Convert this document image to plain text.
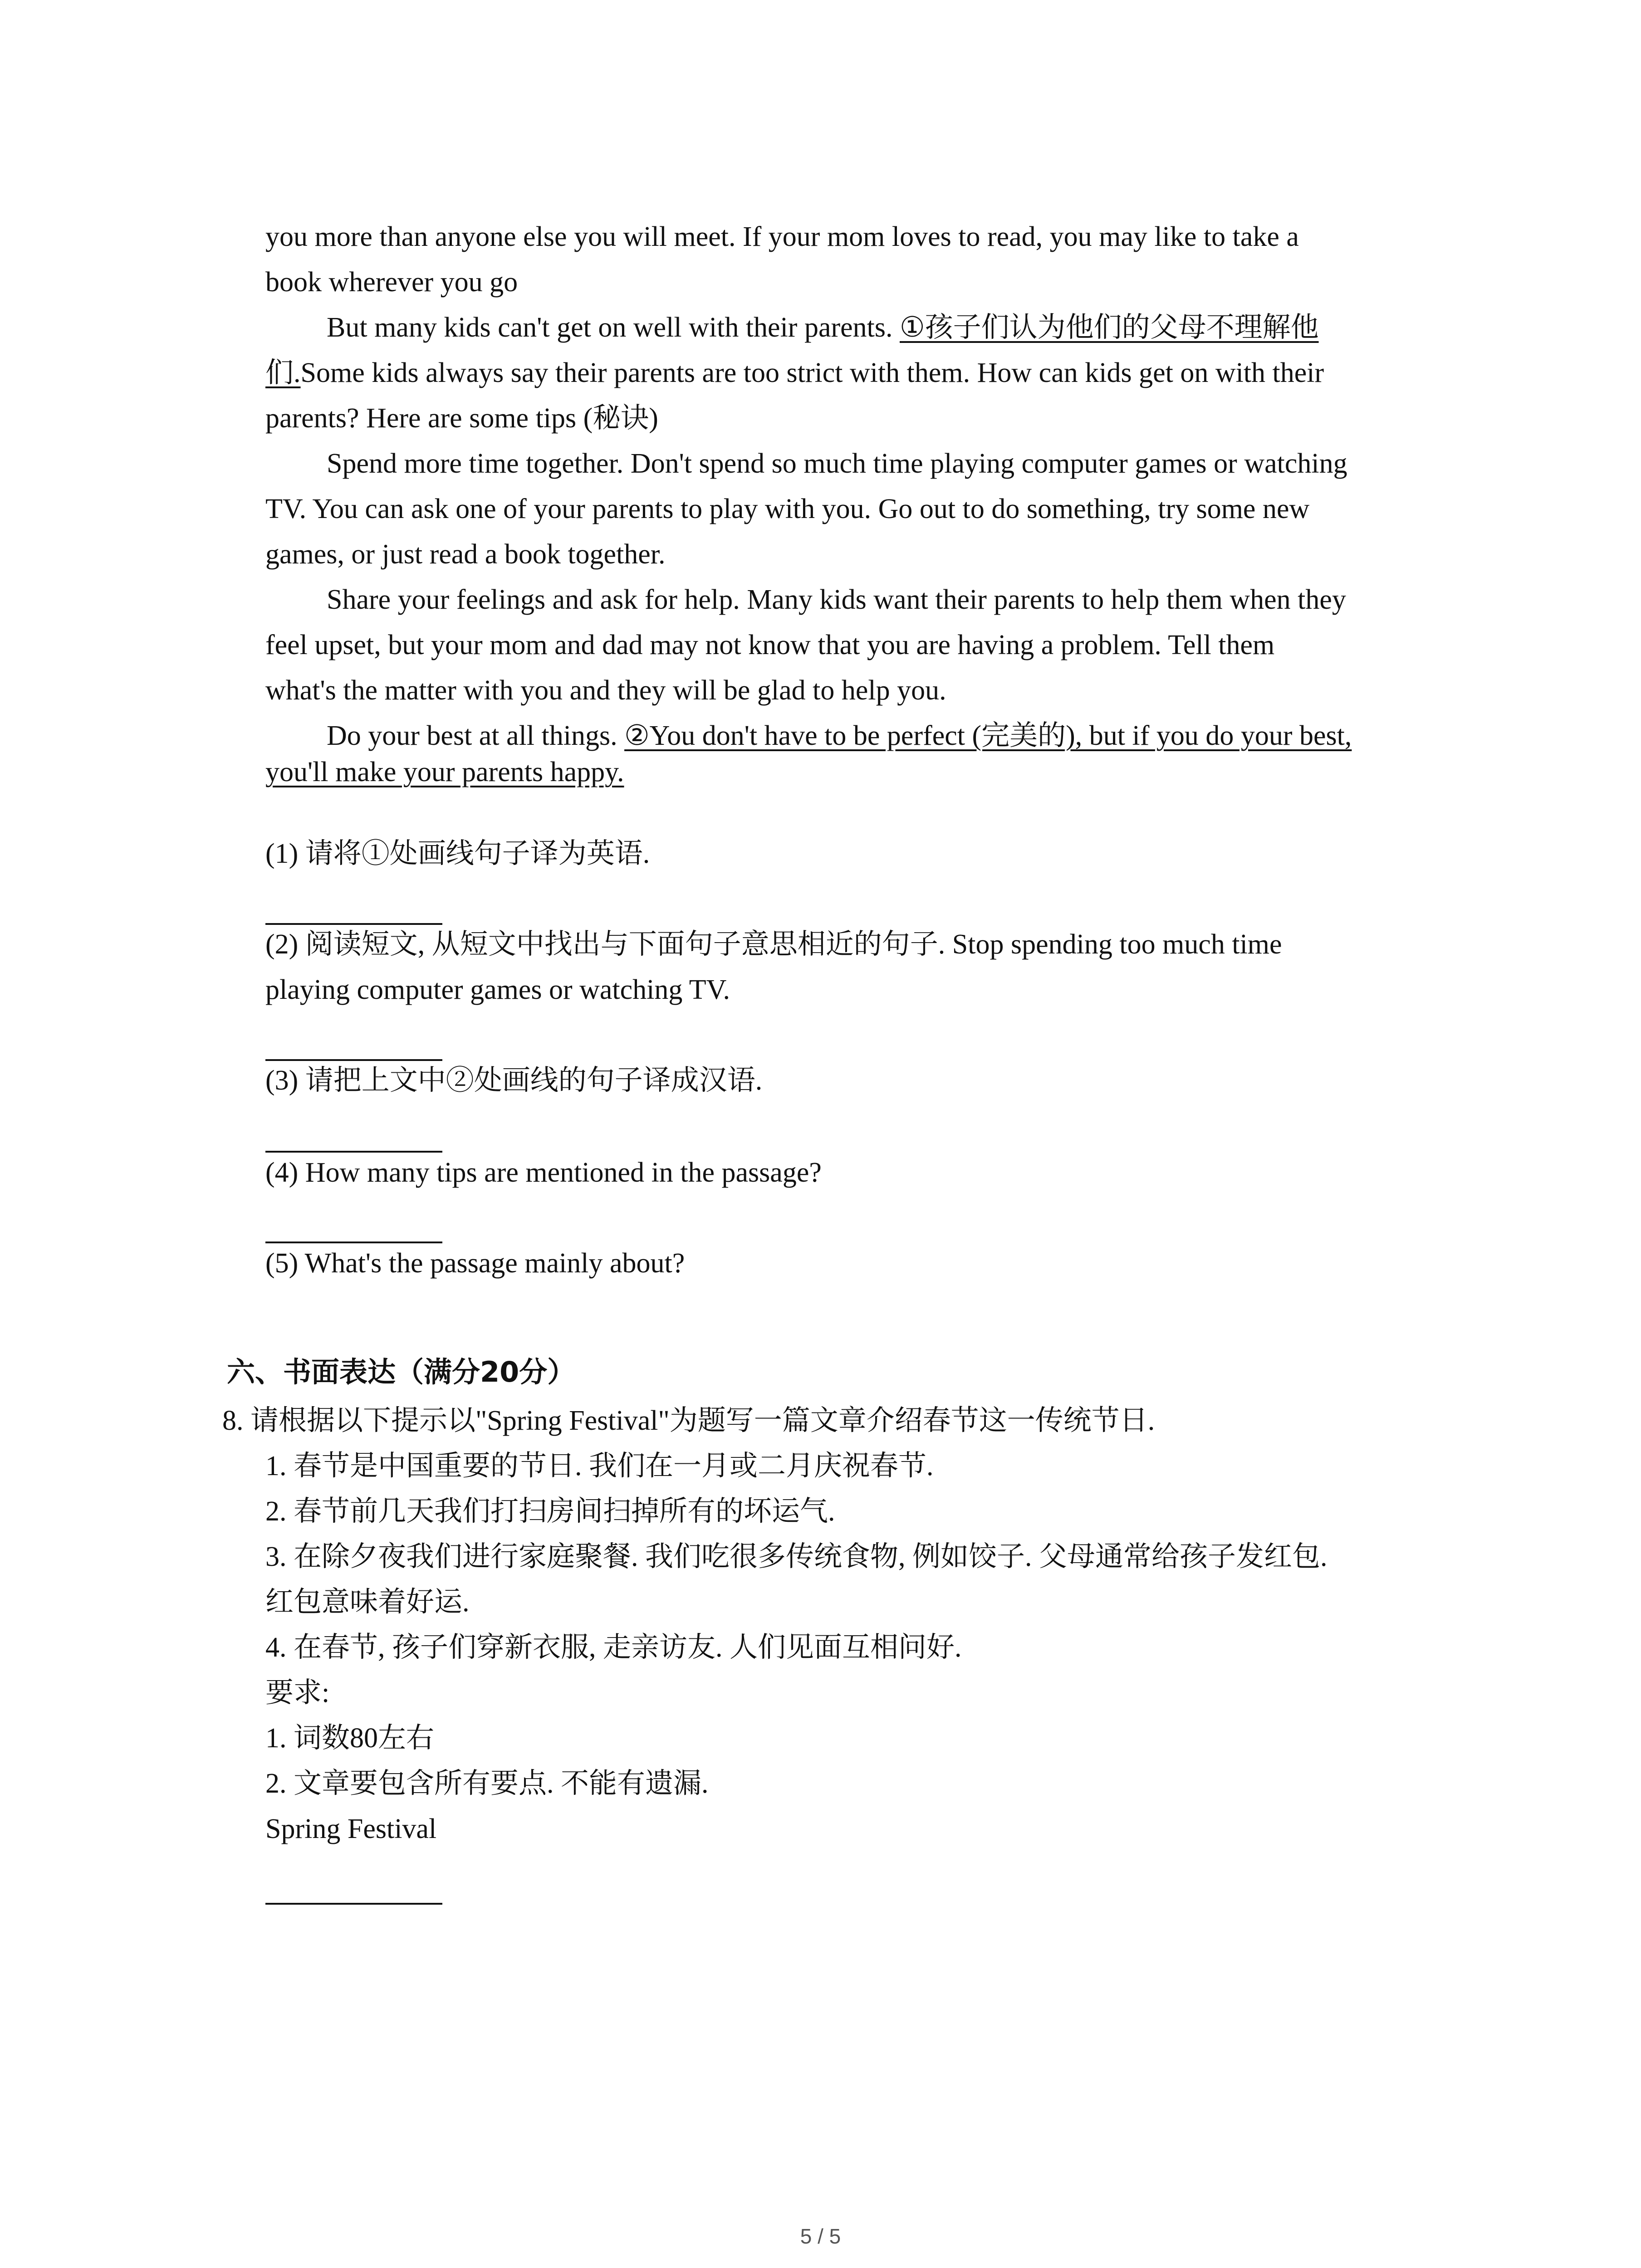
you more than anyone else you will meet. If your mom loves to read, you may like to take a

book wherever you go

But many kids can't get on well with their parents. ①孩子们认为他们的父母不理解他

们.Some kids always say their parents are too strict with them. How can kids get on with their

parents? Here are some tips (秘诀)

Spend more time together. Don't spend so much time playing computer games or watching

TV. You can ask one of your parents to play with you. Go out to do something, try some new

games, or just read a book together.

Share your feelings and ask for help. Many kids want their parents to help them when they

feel upset, but your mom and dad may not know that you are having a problem. Tell them

what's the matter with you and they will be glad to help you.

Do your best at all things. ②You don't have to be perfect (完美的), but if you do your best,

you'll make your parents happy.

(1) 请将①处画线句子译为英语.

(2) 阅读短文, 从短文中找出与下面句子意思相近的句子. Stop spending too much time

playing computer games or watching TV.

(3) 请把上文中②处画线的句子译成汉语.

(4) How many tips are mentioned in the passage?

(5) What's the passage mainly about?

六、书面表达（满分20分）

8. 请根据以下提示以"Spring Festival"为题写一篇文章介绍春节这一传统节日.

1. 春节是中国重要的节日. 我们在一月或二月庆祝春节.

2. 春节前几天我们打扫房间扫掉所有的坏运气.

3. 在除夕夜我们进行家庭聚餐. 我们吃很多传统食物, 例如饺子. 父母通常给孩子发红包.

红包意味着好运.

4. 在春节, 孩子们穿新衣服, 走亲访友. 人们见面互相问好.

要求:

1. 词数80左右

2. 文章要包含所有要点. 不能有遗漏.

Spring Festival

5 / 5
